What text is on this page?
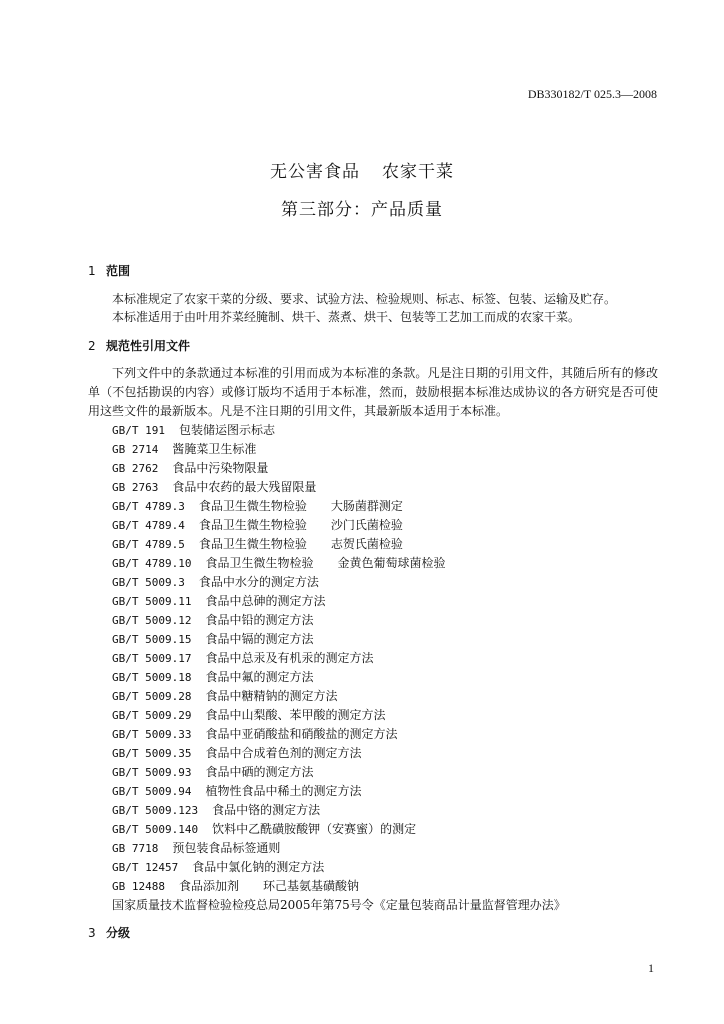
DB330182/T 025.3—2008
无公害食品 农家干菜
第三部分：产品质量
1 范围
本标准规定了农家干菜的分级、要求、试验方法、检验规则、标志、标签、包装、运输及贮存。
本标准适用于由叶用芥菜经腌制、烘干、蒸煮、烘干、包装等工艺加工而成的农家干菜。
2 规范性引用文件
下列文件中的条款通过本标准的引用而成为本标准的条款。凡是注日期的引用文件，其随后所有的修改单（不包括勘误的内容）或修订版均不适用于本标准，然而，鼓励根据本标准达成协议的各方研究是否可使用这些文件的最新版本。凡是不注日期的引用文件，其最新版本适用于本标准。
GB/T 191 包装储运图示标志
GB 2714 酱腌菜卫生标准
GB 2762 食品中污染物限量
GB 2763 食品中农药的最大残留限量
GB/T 4789.3 食品卫生微生物检验 大肠菌群测定
GB/T 4789.4 食品卫生微生物检验 沙门氏菌检验
GB/T 4789.5 食品卫生微生物检验 志贺氏菌检验
GB/T 4789.10 食品卫生微生物检验 金黄色葡萄球菌检验
GB/T 5009.3 食品中水分的测定方法
GB/T 5009.11 食品中总砷的测定方法
GB/T 5009.12 食品中铅的测定方法
GB/T 5009.15 食品中镉的测定方法
GB/T 5009.17 食品中总汞及有机汞的测定方法
GB/T 5009.18 食品中氟的测定方法
GB/T 5009.28 食品中糖精钠的测定方法
GB/T 5009.29 食品中山梨酸、苯甲酸的测定方法
GB/T 5009.33 食品中亚硝酸盐和硝酸盐的测定方法
GB/T 5009.35 食品中合成着色剂的测定方法
GB/T 5009.93 食品中硒的测定方法
GB/T 5009.94 植物性食品中稀土的测定方法
GB/T 5009.123 食品中铬的测定方法
GB/T 5009.140 饮料中乙酰磺胺酸钾（安赛蜜）的测定
GB 7718 预包装食品标签通则
GB/T 12457 食品中氯化钠的测定方法
GB 12488 食品添加剂 环己基氨基磺酸钠
国家质量技术监督检验检疫总局2005年第75号令《定量包装商品计量监督管理办法》
3 分级
1
